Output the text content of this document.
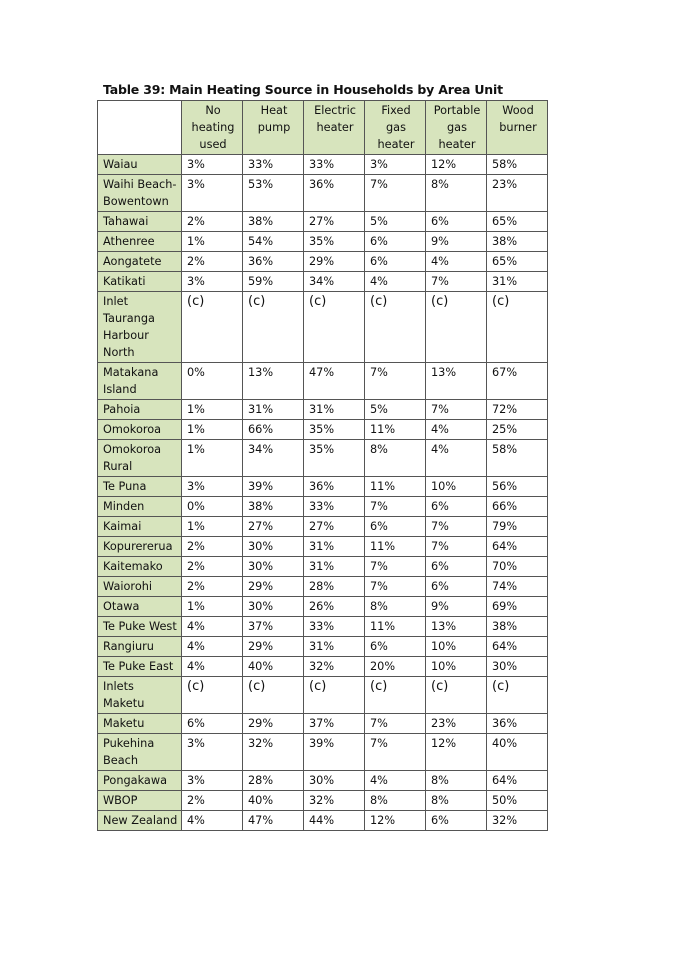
Table 39: Main Heating Source in Households by Area Unit
	No heating used	Heat pump	Electric heater	Fixed gas heater	Portable gas heater	Wood burner
Waiau	3%	33%	33%	3%	12%	58%
Waihi Beach-Bowentown	3%	53%	36%	7%	8%	23%
Tahawai	2%	38%	27%	5%	6%	65%
Athenree	1%	54%	35%	6%	9%	38%
Aongatete	2%	36%	29%	6%	4%	65%
Katikati	3%	59%	34%	4%	7%	31%
Inlet Tauranga Harbour North	(c)	(c)	(c)	(c)	(c)	(c)
Matakana Island	0%	13%	47%	7%	13%	67%
Pahoia	1%	31%	31%	5%	7%	72%
Omokoroa	1%	66%	35%	11%	4%	25%
Omokoroa Rural	1%	34%	35%	8%	4%	58%
Te Puna	3%	39%	36%	11%	10%	56%
Minden	0%	38%	33%	7%	6%	66%
Kaimai	1%	27%	27%	6%	7%	79%
Kopurererua	2%	30%	31%	11%	7%	64%
Kaitemako	2%	30%	31%	7%	6%	70%
Waiorohi	2%	29%	28%	7%	6%	74%
Otawa	1%	30%	26%	8%	9%	69%
Te Puke West	4%	37%	33%	11%	13%	38%
Rangiuru	4%	29%	31%	6%	10%	64%
Te Puke East	4%	40%	32%	20%	10%	30%
Inlets Maketu	(c)	(c)	(c)	(c)	(c)	(c)
Maketu	6%	29%	37%	7%	23%	36%
Pukehina Beach	3%	32%	39%	7%	12%	40%
Pongakawa	3%	28%	30%	4%	8%	64%
WBOP	2%	40%	32%	8%	8%	50%
New Zealand	4%	47%	44%	12%	6%	32%
